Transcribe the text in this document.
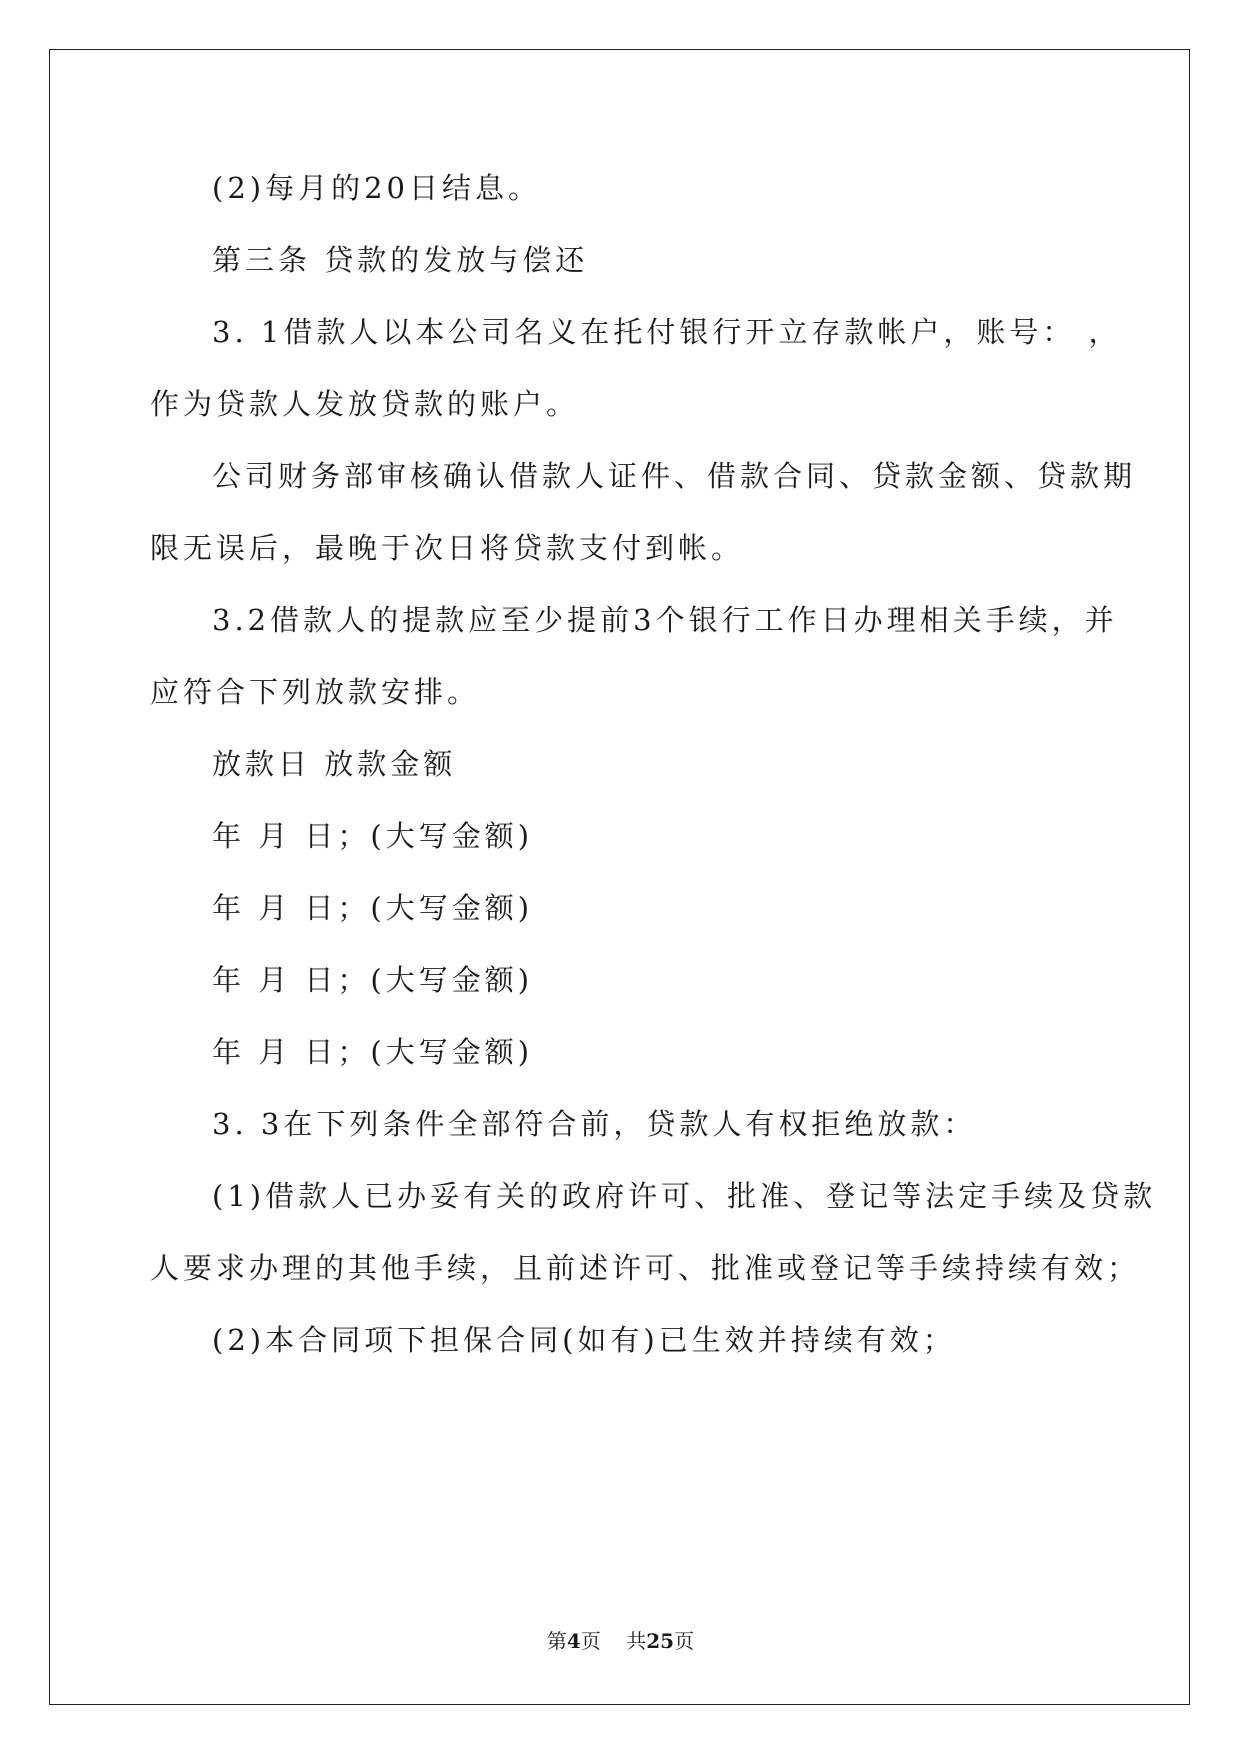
(2)每月的20日结息。
第三条 贷款的发放与偿还
3. 1借款人以本公司名义在托付银行开立存款帐户，账号： ，
作为贷款人发放贷款的账户。
公司财务部审核确认借款人证件、借款合同、贷款金额、贷款期
限无误后，最晚于次日将贷款支付到帐。
3.2借款人的提款应至少提前3个银行工作日办理相关手续，并
应符合下列放款安排。
放款日 放款金额
年 月 日；(大写金额)
年 月 日；(大写金额)
年 月 日；(大写金额)
年 月 日；(大写金额)
3. 3在下列条件全部符合前，贷款人有权拒绝放款：
(1)借款人已办妥有关的政府许可、批准、登记等法定手续及贷款
人要求办理的其他手续，且前述许可、批准或登记等手续持续有效；
(2)本合同项下担保合同(如有)已生效并持续有效；
第4页 共25页
